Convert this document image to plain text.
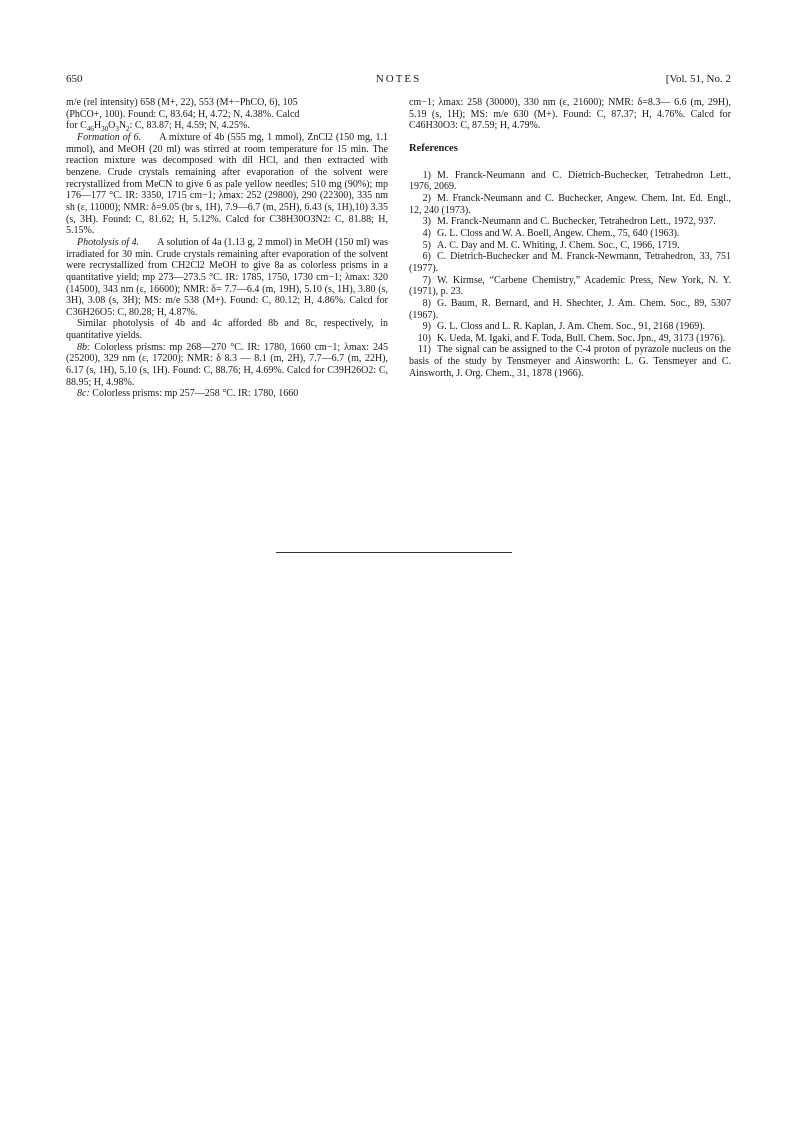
650	NOTES	[Vol. 51, No. 2

m/e (rel intensity) 658 (M+, 22), 553 (M+−PhCO, 6), 105

(PhCO+, 100). Found: C, 83.64; H, 4.72; N, 4.38%. Calcd

for $C_{46}H_{30}O_3N_2$: C, 83.87; H, 4.59; N, 4.25%.

Formation of 6. A mixture of 4b (555 mg, 1 mmol), ZnCl2 (150 mg, 1.1 mmol), and MeOH (20 ml) was stirred at room temperature for 15 min. The reaction mixture was decomposed with dil HCl, and then extracted with benzene. Crude crystals remaining after evaporation of the solvent were recrystallized from MeCN to give 6 as pale yellow needles; 510 mg (90%); mp 176—177 °C. IR: 3350, 1715 cm−1; λmax: 252 (29800), 290 (22300), 335 nm sh (ε, 11000); NMR: δ=9.05 (br s, 1H), 7.9—6.7 (m, 25H), 6.43 (s, 1H),10) 3.35 (s, 3H). Found: C, 81.62; H, 5.12%. Calcd for C38H30O3N2: C, 81.88; H, 5.15%.

Photolysis of 4. A solution of 4a (1.13 g, 2 mmol) in MeOH (150 ml) was irradiated for 30 min. Crude crystals remaining after evaporation of the solvent were recrystallized from CH2Cl2 MeOH to give 8a as colorless prisms in a quantitative yield; mp 273—273.5 °C. IR: 1785, 1750, 1730 cm−1; λmax: 320 (14500), 343 nm (ε, 16600); NMR: δ= 7.7—6.4 (m, 19H), 5.10 (s, 1H), 3.80 (s, 3H), 3.08 (s, 3H); MS: m/e 538 (M+). Found: C, 80.12; H, 4.86%. Calcd for C36H26O5: C, 80.28; H, 4.87%.

Similar photolysis of 4b and 4c afforded 8b and 8c, respectively, in quantitative yields.

8b: Colorless prisms: mp 268—270 °C. IR: 1780, 1660 cm−1; λmax: 245 (25200), 329 nm (ε, 17200); NMR: δ 8.3 — 8.1 (m, 2H), 7.7—6.7 (m, 22H), 6.17 (s, 1H), 5.10 (s, 1H). Found: C, 88.76; H, 4.69%. Calcd for C39H26O2: C, 88.95; H, 4.98%.

8c: Colorless prisms: mp 257—258 °C. IR: 1780, 1660

cm−1; λmax: 258 (30000), 330 nm (ε, 21600); NMR: δ=8.3— 6.6 (m, 29H), 5.19 (s, 1H); MS: m/e 630 (M+). Found: C, 87.37; H, 4.76%. Calcd for C46H30O3: C, 87.59; H, 4.79%.

References

1) M. Franck-Neumann and C. Dietrich-Buchecker, Tetrahedron Lett., 1976, 2069.

2) M. Franck-Neumann and C. Buchecker, Angew. Chem. Int. Ed. Engl., 12, 240 (1973).

3) M. Franck-Neumann and C. Buchecker, Tetrahedron Lett., 1972, 937.

4) G. L. Closs and W. A. Boell, Angew. Chem., 75, 640 (1963).

5) A. C. Day and M. C. Whiting, J. Chem. Soc., C, 1966, 1719.

6) C. Dietrich-Buchecker and M. Franck-Newmann, Tetrahedron, 33, 751 (1977).

7) W. Kirmse, “Carbene Chemistry,” Academic Press, New York, N. Y. (1971), p. 23.

8) G. Baum, R. Bernard, and H. Shechter, J. Am. Chem. Soc., 89, 5307 (1967).

9) G. L. Closs and L. R. Kaplan, J. Am. Chem. Soc., 91, 2168 (1969).

10) K. Ueda, M. Igaki, and F. Toda, Bull. Chem. Soc. Jpn., 49, 3173 (1976).

11) The signal can be assigned to the C-4 proton of pyrazole nucleus on the basis of the study by Tensmeyer and Ainsworth: L. G. Tensmeyer and C. Ainsworth, J. Org. Chem., 31, 1878 (1966).
